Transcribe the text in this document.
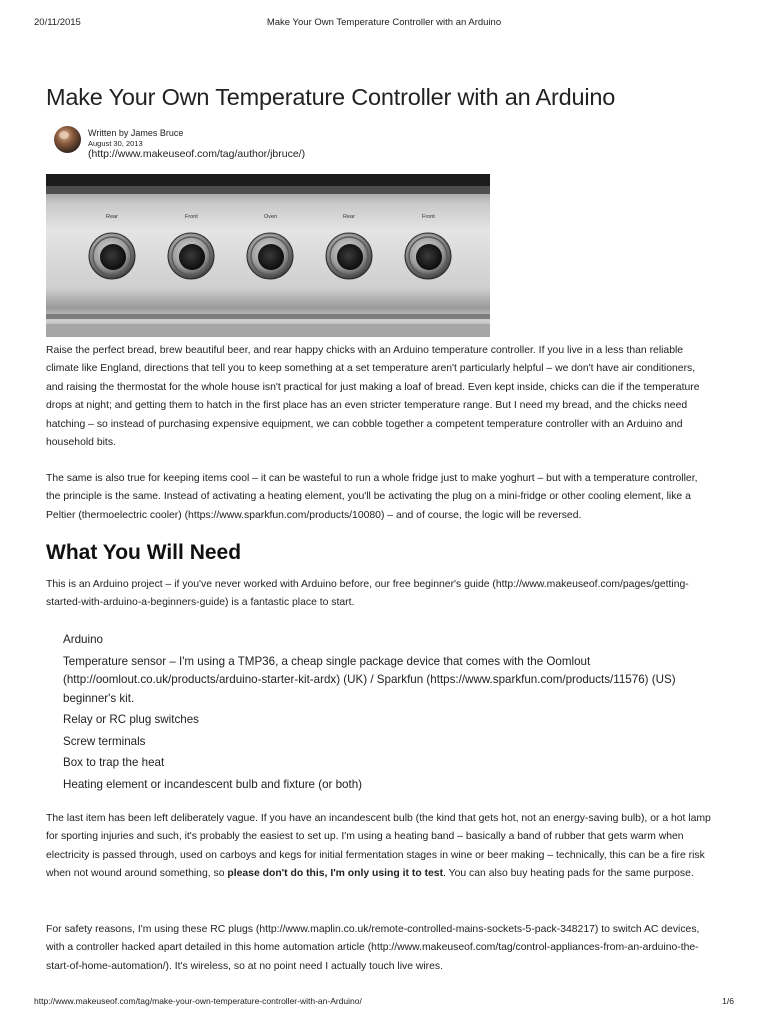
20/11/2015	Make Your Own Temperature Controller with an Arduino
Make Your Own Temperature Controller with an Arduino
Written by James Bruce
August 30, 2013
(http://www.makeuseof.com/tag/author/jbruce/)
Rear	Front	Oven	Rear	Front

Raise the perfect bread, brew beautiful beer, and rear happy chicks with an Arduino temperature controller. If you live in a less than reliable climate like England, directions that tell you to keep something at a set temperature aren't particularly helpful – we don't have air conditioners, and raising the thermostat for the whole house isn't practical for just making a loaf of bread. Even kept inside, chicks can die if the temperature drops at night; and getting them to hatch in the first place has an even stricter temperature range. But I need my bread, and the chicks need hatching – so instead of purchasing expensive equipment, we can cobble together a competent temperature controller with an Arduino and household bits.

The same is also true for keeping items cool – it can be wasteful to run a whole fridge just to make yoghurt – but with a temperature controller, the principle is the same. Instead of activating a heating element, you'll be activating the plug on a mini-fridge or other cooling element, like a Peltier (thermoelectric cooler) (https://www.sparkfun.com/products/10080) – and of course, the logic will be reversed.

What You Will Need

This is an Arduino project – if you've never worked with Arduino before, our free beginner's guide (http://www.makeuseof.com/pages/getting-started-with-arduino-a-beginners-guide) is a fantastic place to start.

Arduino
Temperature sensor – I'm using a TMP36, a cheap single package device that comes with the Oomlout (http://oomlout.co.uk/products/arduino-starter-kit-ardx) (UK) / Sparkfun (https://www.sparkfun.com/products/11576) (US) beginner's kit.
Relay or RC plug switches
Screw terminals
Box to trap the heat
Heating element or incandescent bulb and fixture (or both)

The last item has been left deliberately vague. If you have an incandescent bulb (the kind that gets hot, not an energy-saving bulb), or a hot lamp for sporting injuries and such, it's probably the easiest to set up. I'm using a heating band – basically a band of rubber that gets warm when electricity is passed through, used on carboys and kegs for initial fermentation stages in wine or beer making – technically, this can be a fire risk when not wound around something, so please don't do this, I'm only using it to test. You can also buy heating pads for the same purpose.

For safety reasons, I'm using these RC plugs (http://www.maplin.co.uk/remote-controlled-mains-sockets-5-pack-348217) to switch AC devices, with a controller hacked apart detailed in this home automation article (http://www.makeuseof.com/tag/control-appliances-from-an-arduino-the-start-of-home-automation/). It's wireless, so at no point need I actually touch live wires.

http://www.makeuseof.com/tag/make-your-own-temperature-controller-with-an-Arduino/	1/6
